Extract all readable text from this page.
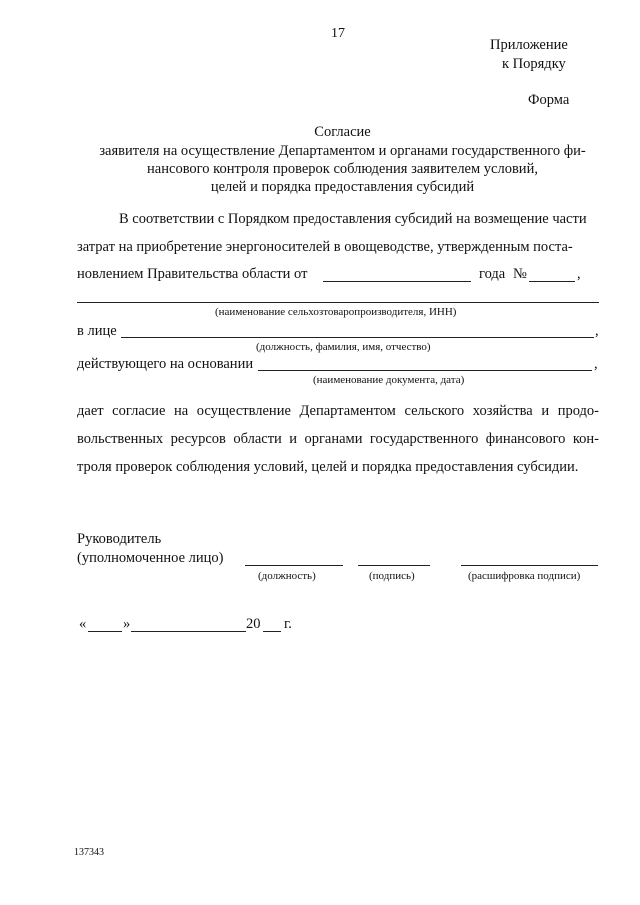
17
Приложение
к Порядку
Форма
Согласие
заявителя на осуществление Департаментом и органами государственного фи-
нансового контроля проверок соблюдения заявителем условий,
целей и порядка предоставления субсидий
В соответствии с Порядком предоставления субсидий на возмещение части
затрат на приобретение энергоносителей в овощеводстве, утвержденным поста-
новлением Правительства области от	года №	,
(наименование сельхозтоваропроизводителя, ИНН)
в лице	,
(должность, фамилия, имя, отчество)
действующего на основании	,
(наименование документа, дата)
дает согласие на осуществление Департаментом сельского хозяйства и продо-
вольственных ресурсов области и органами государственного финансового кон-
троля проверок соблюдения условий, целей и порядка предоставления субсидии.
Руководитель
(уполномоченное лицо)
(должность)	(подпись)	(расшифровка подписи)
«	»	20 г.
137343
